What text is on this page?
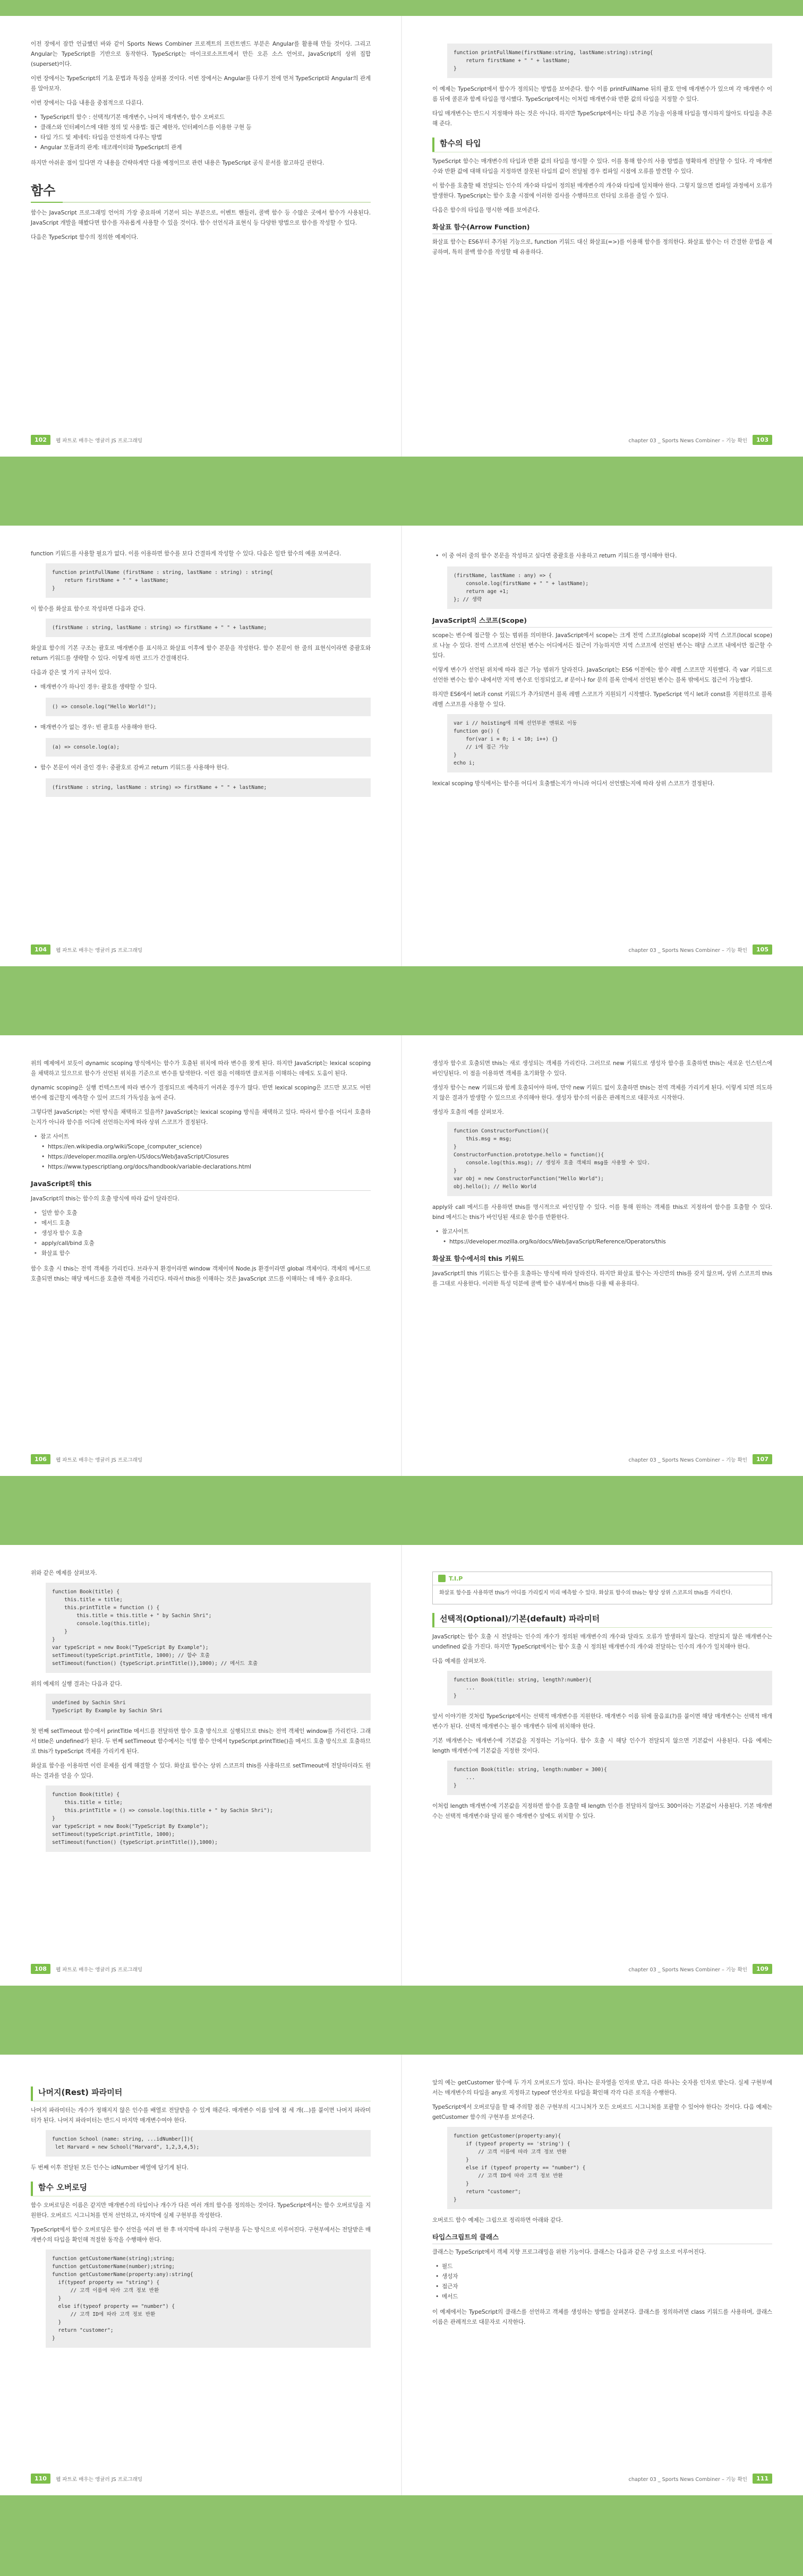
이전 장에서 잠깐 언급했던 바와 같이 Sports News Combiner 프로젝트의 프런트엔드 부분은 Angular를 활용해 만들 것이다. 그리고 Angular는 TypeScript를 기반으로 동작한다. TypeScript는 마이크로소프트에서 만든 오픈 소스 언어로, JavaScript의 상위 집합(superset)이다.

이번 장에서는 TypeScript의 기초 문법과 특징을 살펴볼 것이다. 이번 장에서는 Angular를 다루기 전에 먼저 TypeScript와 Angular의 관계를 알아보자.

이번 장에서는 다음 내용을 중점적으로 다룬다.

• TypeScript의 함수 : 선택적/기본 매개변수, 나머지 매개변수, 함수 오버로드
• 클래스와 인터페이스에 대한 정의 및 사용법: 접근 제한자, 인터페이스를 이용한 구현 등
• 타입 가드 및 제네릭: 타입을 안전하게 다루는 방법
• Angular 모듈과의 관계: 데코레이터와 TypeScript의 관계

하지만 아쉬운 점이 있다면 각 내용을 간략하게만 다룰 예정이므로 관련 내용은 TypeScript 공식 문서를 참고하길 권한다.

함수

함수는 JavaScript 프로그래밍 언어의 가장 중요하며 기본이 되는 부분으로, 이벤트 핸들러, 콜백 함수 등 수많은 곳에서 함수가 사용된다. JavaScript 개발을 해봤다면 함수를 자유롭게 사용할 수 있을 것이다. 함수 선언식과 표현식 등 다양한 방법으로 함수를 작성할 수 있다.

다음은 TypeScript 함수의 정의한 예제이다.

102	웹 파트로 배우는 앵귤러 JS 프로그래밍
function printFullName(firstName:string, lastName:string):string{
return firstName + " " + lastName;
}

이 예제는 TypeScript에서 함수가 정의되는 방법을 보여준다. 함수 이름 printFullName 뒤의 괄호 안에 매개변수가 있으며 각 매개변수 이름 뒤에 콜론과 함께 타입을 명시했다. TypeScript에서는 이처럼 매개변수와 반환 값의 타입을 지정할 수 있다.

타입 매개변수는 반드시 지정해야 하는 것은 아니다. 하지만 TypeScript에서는 타입 추론 기능을 이용해 타입을 명시하지 않아도 타입을 추론해 준다.

함수의 타입

TypeScript 함수는 매개변수의 타입과 반환 값의 타입을 명시할 수 있다. 이를 통해 함수의 사용 방법을 명확하게 전달할 수 있다. 각 매개변수와 반환 값에 대해 타입을 지정하면 잘못된 타입의 값이 전달될 경우 컴파일 시점에 오류를 발견할 수 있다.

이 함수를 호출할 때 전달되는 인수의 개수와 타입이 정의된 매개변수의 개수와 타입에 일치해야 한다. 그렇지 않으면 컴파일 과정에서 오류가 발생한다. TypeScript는 함수 호출 시점에 이러한 검사를 수행하므로 런타임 오류를 줄일 수 있다.

다음은 함수의 타입을 명시한 예를 보여준다.

화살표 함수(Arrow Function)

화살표 함수는 ES6부터 추가된 기능으로, function 키워드 대신 화살표(=>)를 이용해 함수를 정의한다. 화살표 함수는 더 간결한 문법을 제공하며, 특히 콜백 함수를 작성할 때 유용하다.

chapter 03 _ Sports News Combiner – 기능 확인	103

function 키워드를 사용할 필요가 없다. 이를 이용하면 함수를 보다 간결하게 작성할 수 있다. 다음은 일반 함수의 예를 보여준다.

function printFullName (firstName : string, lastName : string) : string{
return firstName + " " + lastName;
}

이 함수를 화살표 함수로 작성하면 다음과 같다.

(firstName : string, lastName : string) => firstName + " " + lastName;

화살표 함수의 기본 구조는 괄호로 매개변수를 표시하고 화살표 이후에 함수 본문을 작성한다. 함수 본문이 한 줄의 표현식이라면 중괄호와 return 키워드를 생략할 수 있다. 이렇게 하면 코드가 간결해진다.

다음과 같은 몇 가지 규칙이 있다.

• 매개변수가 하나인 경우: 괄호를 생략할 수 있다.
() => console.log("Hello World!");
• 매개변수가 없는 경우: 빈 괄호를 사용해야 한다.
(a) => console.log(a);
• 함수 본문이 여러 줄인 경우: 중괄호로 감싸고 return 키워드를 사용해야 한다.
(firstName : string, lastName : string) => firstName + " " + lastName;
104	웹 파트로 배우는 앵귤러 JS 프로그래밍
• 이 중 여러 줄의 함수 본문을 작성하고 싶다면 중괄호를 사용하고 return 키워드를 명시해야 한다.
(firstName, lastName : any) => {
console.log(firstName + " " + lastName);
return age +1;
}; // 생략
JavaScript의 스코프(Scope)

scope는 변수에 접근할 수 있는 범위를 의미한다. JavaScript에서 scope는 크게 전역 스코프(global scope)와 지역 스코프(local scope)로 나눌 수 있다. 전역 스코프에 선언된 변수는 어디에서든 접근이 가능하지만 지역 스코프에 선언된 변수는 해당 스코프 내에서만 접근할 수 있다.

이렇게 변수가 선언된 위치에 따라 접근 가능 범위가 달라진다. JavaScript는 ES6 이전에는 함수 레벨 스코프만 지원했다. 즉 var 키워드로 선언한 변수는 함수 내에서만 지역 변수로 인정되었고, if 문이나 for 문의 블록 안에서 선언된 변수는 블록 밖에서도 접근이 가능했다.

하지만 ES6에서 let과 const 키워드가 추가되면서 블록 레벨 스코프가 지원되기 시작했다. TypeScript 역시 let과 const를 지원하므로 블록 레벨 스코프를 사용할 수 있다.

var i // hoisting에 의해 선언부분 맨위로 이동
function go() {
for(var i = 0; i < 10; i++) {}
// i에 접근 가능
}
echo i;

lexical scoping 방식에서는 함수를 어디서 호출했는지가 아니라 어디서 선언했는지에 따라 상위 스코프가 결정된다.

chapter 03 _ Sports News Combiner – 기능 확인	105

위의 예제에서 보듯이 dynamic scoping 방식에서는 함수가 호출된 위치에 따라 변수를 찾게 된다. 하지만 JavaScript는 lexical scoping을 채택하고 있으므로 함수가 선언된 위치를 기준으로 변수를 탐색한다. 이런 점을 이해하면 클로저를 이해하는 데에도 도움이 된다.

dynamic scoping은 실행 컨텍스트에 따라 변수가 결정되므로 예측하기 어려운 경우가 많다. 반면 lexical scoping은 코드만 보고도 어떤 변수에 접근할지 예측할 수 있어 코드의 가독성을 높여 준다.

그렇다면 JavaScript는 어떤 방식을 채택하고 있을까? JavaScript는 lexical scoping 방식을 채택하고 있다. 따라서 함수를 어디서 호출하는지가 아니라 함수를 어디에 선언하는지에 따라 상위 스코프가 결정된다.

• 참고 사이트
• https://en.wikipedia.org/wiki/Scope_(computer_science)
• https://developer.mozilla.org/en-US/docs/Web/JavaScript/Closures
• https://www.typescriptlang.org/docs/handbook/variable-declarations.html
JavaScript의 this

JavaScript의 this는 함수의 호출 방식에 따라 값이 달라진다.

‣ 일반 함수 호출
‣ 메서드 호출
‣ 생성자 함수 호출
‣ apply/call/bind 호출
‣ 화살표 함수

함수 호출 시 this는 전역 객체를 가리킨다. 브라우저 환경이라면 window 객체이며 Node.js 환경이라면 global 객체이다. 객체의 메서드로 호출되면 this는 해당 메서드를 호출한 객체를 가리킨다. 따라서 this를 이해하는 것은 JavaScript 코드를 이해하는 데 매우 중요하다.

106	웹 파트로 배우는 앵귤러 JS 프로그래밍

생성자 함수로 호출되면 this는 새로 생성되는 객체를 가리킨다. 그러므로 new 키워드로 생성자 함수를 호출하면 this는 새로운 인스턴스에 바인딩된다. 이 점을 이용하면 객체를 초기화할 수 있다.

생성자 함수는 new 키워드와 함께 호출되어야 하며, 만약 new 키워드 없이 호출하면 this는 전역 객체를 가리키게 된다. 이렇게 되면 의도하지 않은 결과가 발생할 수 있으므로 주의해야 한다. 생성자 함수의 이름은 관례적으로 대문자로 시작한다.

생성자 호출의 예를 살펴보자.

function ConstructorFunction(){
this.msg = msg;
}
ConstructorFunction.prototype.hello = function(){
console.log(this.msg); // 생성자 호출 객체의 msg를 사용할 수 있다.
}
var obj = new ConstructorFunction("Hello World");
obj.hello(); // Hello World

apply와 call 메서드를 사용하면 this를 명시적으로 바인딩할 수 있다. 이를 통해 원하는 객체를 this로 지정하여 함수를 호출할 수 있다. bind 메서드는 this가 바인딩된 새로운 함수를 반환한다.

• 참고사이트
• https://developer.mozilla.org/ko/docs/Web/JavaScript/Reference/Operators/this
화살표 함수에서의 this 키워드

JavaScript의 this 키워드는 함수를 호출하는 방식에 따라 달라진다. 하지만 화살표 함수는 자신만의 this를 갖지 않으며, 상위 스코프의 this를 그대로 사용한다. 이러한 특성 덕분에 콜백 함수 내부에서 this를 다룰 때 유용하다.

chapter 03 _ Sports News Combiner – 기능 확인	107

위와 같은 예제를 살펴보자.

function Book(title) {
this.title = title;
this.printTitle = function () {
this.title = this.title + " by Sachin Shri";
console.log(this.title);
}
}
var typeScript = new Book("TypeScript By Example");
setTimeout(typeScript.printTitle, 1000); // 함수 호출
setTimeout(function() {typeScript.printTitle()},1000); // 메서드 호출

위의 예제의 실행 결과는 다음과 같다.

undefined by Sachin Shri
TypeScript By Example by Sachin Shri

첫 번째 setTimeout 함수에서 printTitle 메서드를 전달하면 함수 호출 방식으로 실행되므로 this는 전역 객체인 window를 가리킨다. 그래서 title은 undefined가 된다. 두 번째 setTimeout 함수에서는 익명 함수 안에서 typeScript.printTitle()을 메서드 호출 방식으로 호출하므로 this가 typeScript 객체를 가리키게 된다.

화살표 함수를 이용하면 이런 문제를 쉽게 해결할 수 있다. 화살표 함수는 상위 스코프의 this를 사용하므로 setTimeout에 전달하더라도 원하는 결과를 얻을 수 있다.

function Book(title) {
this.title = title;
this.printTitle = () => console.log(this.title + " by Sachin Shri");
}
var typeScript = new Book("TypeScript By Example");
setTimeout(typeScript.printTitle, 1000);
setTimeout(function() {typeScript.printTitle()},1000);
108	웹 파트로 배우는 앵귤러 JS 프로그래밍
T.I.P

화살표 함수를 사용하면 this가 어디를 가리킬지 미리 예측할 수 있다. 화살표 함수의 this는 항상 상위 스코프의 this를 가리킨다.

선택적(Optional)/기본(default) 파라미터

JavaScript는 함수 호출 시 전달하는 인수의 개수가 정의된 매개변수의 개수와 달라도 오류가 발생하지 않는다. 전달되지 않은 매개변수는 undefined 값을 가진다. 하지만 TypeScript에서는 함수 호출 시 정의된 매개변수의 개수와 전달하는 인수의 개수가 일치해야 한다.

다음 예제를 살펴보자.

function Book(title: string, length?:number){
...
}

앞서 이야기한 것처럼 TypeScript에서는 선택적 매개변수를 지원한다. 매개변수 이름 뒤에 물음표(?)를 붙이면 해당 매개변수는 선택적 매개변수가 된다. 선택적 매개변수는 필수 매개변수 뒤에 위치해야 한다.

기본 매개변수는 매개변수에 기본값을 지정하는 기능이다. 함수 호출 시 해당 인수가 전달되지 않으면 기본값이 사용된다. 다음 예제는 length 매개변수에 기본값을 지정한 것이다.

function Book(title: string, length:number = 300){
...
}

이처럼 length 매개변수에 기본값을 지정하면 함수를 호출할 때 length 인수를 전달하지 않아도 300이라는 기본값이 사용된다. 기본 매개변수는 선택적 매개변수와 달리 필수 매개변수 앞에도 위치할 수 있다.

chapter 03 _ Sports News Combiner – 기능 확인	109
나머지(Rest) 파라미터

나머지 파라미터는 개수가 정해지지 않은 인수를 배열로 전달받을 수 있게 해준다. 매개변수 이름 앞에 점 세 개(...)를 붙이면 나머지 파라미터가 된다. 나머지 파라미터는 반드시 마지막 매개변수여야 한다.

function School (name: string, ...idNumber[]){
let Harvard = new School("Harvard", 1,2,3,4,5);

두 번째 이후 전달된 모든 인수는 idNumber 배열에 담기게 된다.

함수 오버로딩

함수 오버로딩은 이름은 같지만 매개변수의 타입이나 개수가 다른 여러 개의 함수를 정의하는 것이다. TypeScript에서는 함수 오버로딩을 지원한다. 오버로드 시그니처를 먼저 선언하고, 마지막에 실제 구현부를 작성한다.

TypeScript에서 함수 오버로딩은 함수 선언을 여러 번 한 후 마지막에 하나의 구현부를 두는 방식으로 이루어진다. 구현부에서는 전달받은 매개변수의 타입을 확인해 적절한 동작을 수행해야 한다.

function getCustomerName(string);string;
function getCustomerName(number);string;
function getCustomerName(property:any):string{
if(typeof property == "string") {
// 고객 이름에 따라 고객 정보 반환
}
else if(typeof property == "number") {
// 고객 ID에 따라 고객 정보 반환
}
return "customer";
}
110	웹 파트로 배우는 앵귤러 JS 프로그래밍

앞의 예는 getCustomer 함수에 두 가지 오버로드가 있다. 하나는 문자열을 인자로 받고, 다른 하나는 숫자를 인자로 받는다. 실제 구현부에서는 매개변수의 타입을 any로 지정하고 typeof 연산자로 타입을 확인해 각각 다른 로직을 수행한다.

TypeScript에서 오버로딩을 할 때 주의할 점은 구현부의 시그니처가 모든 오버로드 시그니처를 포괄할 수 있어야 한다는 것이다. 다음 예제는 getCustomer 함수의 구현부를 보여준다.

function getCustomer(property:any){
if (typeof property == 'string') {
// 고객 이름에 따라 고객 정보 반환
}
else if (typeof property == "number") {
// 고객 ID에 따라 고객 정보 반환
}
return "customer";
}

오버로드 함수 예제는 그림으로 정리하면 아래와 같다.

타입스크립트의 클래스

클래스는 TypeScript에서 객체 지향 프로그래밍을 위한 기능이다. 클래스는 다음과 같은 구성 요소로 이루어진다.

• 필드
• 생성자
• 접근자
• 메서드

이 예제에서는 TypeScript의 클래스를 선언하고 객체를 생성하는 방법을 살펴본다. 클래스를 정의하려면 class 키워드를 사용하며, 클래스 이름은 관례적으로 대문자로 시작한다.

chapter 03 _ Sports News Combiner – 기능 확인	111
